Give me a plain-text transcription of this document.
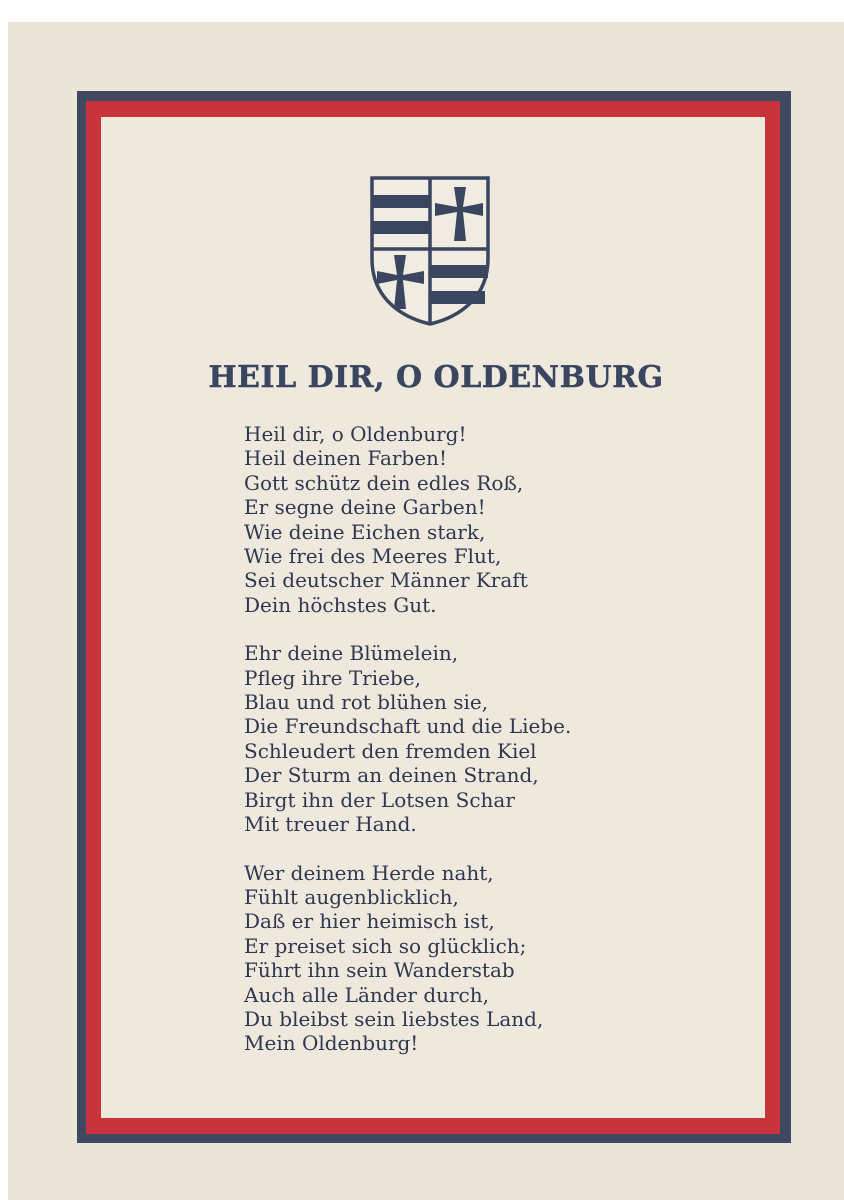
HEIL DIR, O OLDENBURG
Heil dir, o Oldenburg!
Heil deinen Farben!
Gott schütz dein edles Roß,
Er segne deine Garben!
Wie deine Eichen stark,
Wie frei des Meeres Flut,
Sei deutscher Männer Kraft
Dein höchstes Gut.
Ehr deine Blümelein,
Pfleg ihre Triebe,
Blau und rot blühen sie,
Die Freundschaft und die Liebe.
Schleudert den fremden Kiel
Der Sturm an deinen Strand,
Birgt ihn der Lotsen Schar
Mit treuer Hand.
Wer deinem Herde naht,
Fühlt augenblicklich,
Daß er hier heimisch ist,
Er preiset sich so glücklich;
Führt ihn sein Wanderstab
Auch alle Länder durch,
Du bleibst sein liebstes Land,
Mein Oldenburg!
